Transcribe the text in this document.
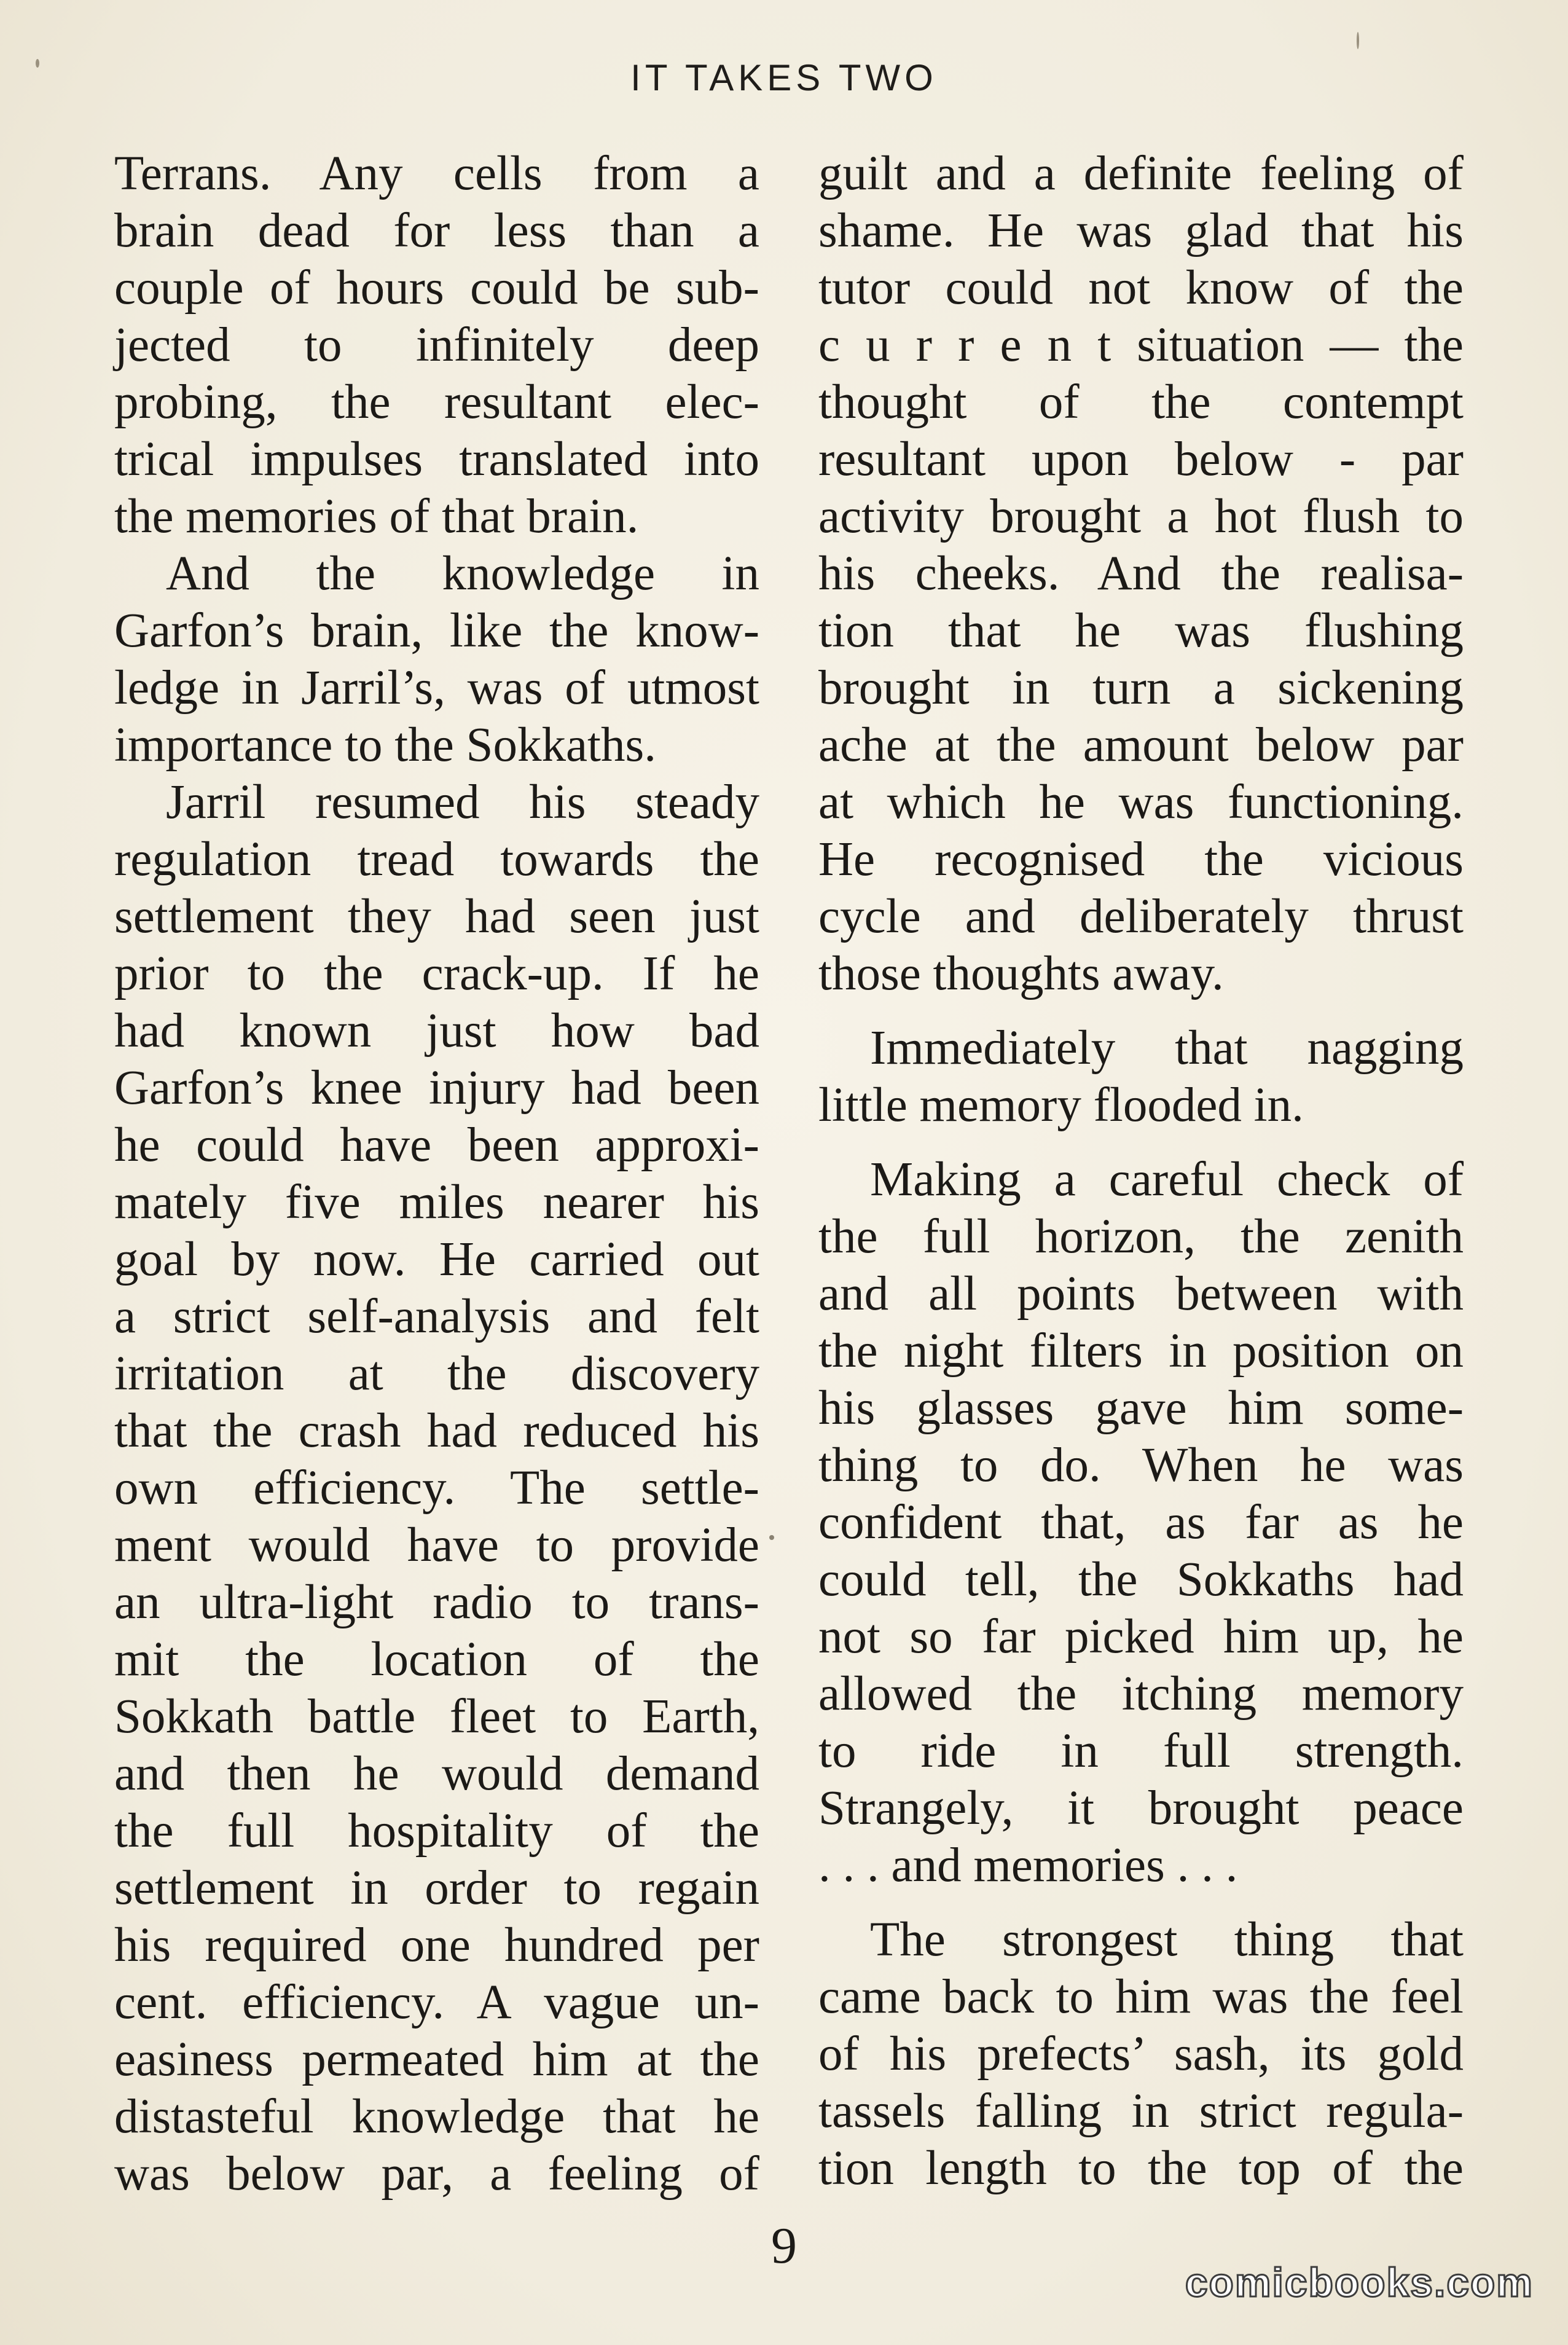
IT TAKES TWO
Terrans. Any cells from a
brain dead for less than a
couple of hours could be sub-
jected to infinitely deep
probing, the resultant elec-
trical impulses translated into
the memories of that brain.
And the knowledge in
Garfon’s brain, like the know-
ledge in Jarril’s, was of utmost
importance to the Sokkaths.
Jarril resumed his steady
regulation tread towards the
settlement they had seen just
prior to the crack-up. If he
had known just how bad
Garfon’s knee injury had been
he could have been approxi-
mately five miles nearer his
goal by now. He carried out
a strict self-analysis and felt
irritation at the discovery
that the crash had reduced his
own efficiency. The settle-
ment would have to provide
an ultra-light radio to trans-
mit the location of the
Sokkath battle fleet to Earth,
and then he would demand
the full hospitality of the
settlement in order to regain
his required one hundred per
cent. efficiency. A vague un-
easiness permeated him at the
distasteful knowledge that he
was below par, a feeling of
guilt and a definite feeling of
shame. He was glad that his
tutor could not know of the
c u r r e n t situation — the
thought of the contempt
resultant upon below - par
activity brought a hot flush to
his cheeks. And the realisa-
tion that he was flushing
brought in turn a sickening
ache at the amount below par
at which he was functioning.
He recognised the vicious
cycle and deliberately thrust
those thoughts away.
Immediately that nagging
little memory flooded in.
Making a careful check of
the full horizon, the zenith
and all points between with
the night filters in position on
his glasses gave him some-
thing to do. When he was
confident that, as far as he
could tell, the Sokkaths had
not so far picked him up, he
allowed the itching memory
to ride in full strength.
Strangely, it brought peace
. . . and memories . . .
The strongest thing that
came back to him was the feel
of his prefects’ sash, its gold
tassels falling in strict regula-
tion length to the top of the
9
comicbooks.com
